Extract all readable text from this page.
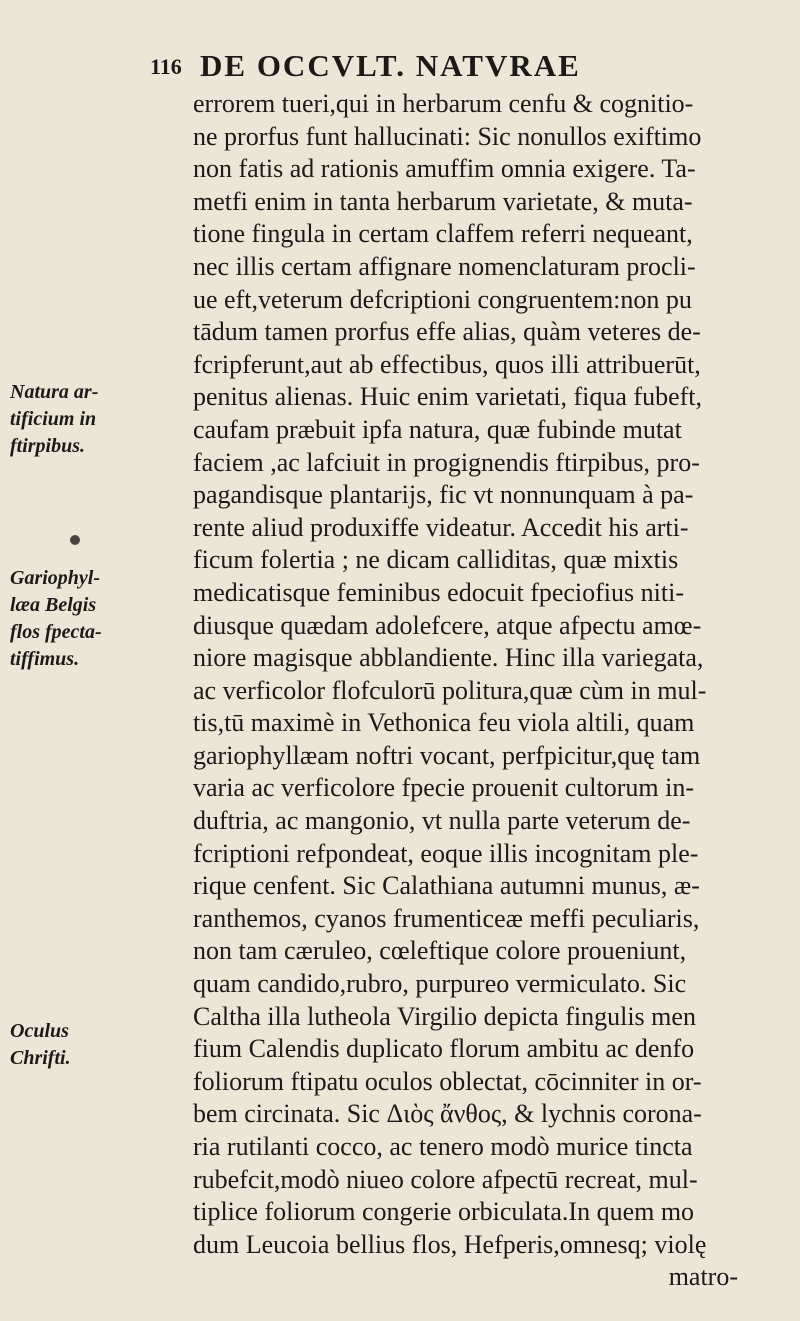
116 DE OCCVLT. NATVRAE
Natura ar-
tificium in
ftirpibus.
Gariophyl-
læa Belgis
flos fpecta-
tiffimus.
Oculus
Chrifti.
errorem tueri,qui in herbarum cenfu & cognitio-
ne prorfus funt hallucinati: Sic nonullos exiftimo
non fatis ad rationis amuffim omnia exigere. Ta-
metfi enim in tanta herbarum varietate, & muta-
tione fingula in certam claffem referri nequeant,
nec illis certam affignare nomenclaturam procli-
ue eft,veterum defcriptioni congruentem:non pu
tādum tamen prorfus effe alias, quàm veteres de-
fcripferunt,aut ab effectibus, quos illi attribuerūt,
penitus alienas. Huic enim varietati, fiqua fubeft,
caufam præbuit ipfa natura, quæ fubinde mutat
faciem ,ac lafciuit in progignendis ftirpibus, pro-
pagandisque plantarijs, fic vt nonnunquam à pa-
rente aliud produxiffe videatur. Accedit his arti-
ficum folertia ; ne dicam calliditas, quæ mixtis
medicatisque feminibus edocuit fpeciofius niti-
diusque quædam adolefcere, atque afpectu amœ-
niore magisque abblandiente. Hinc illa variegata,
ac verficolor flofculorū politura,quæ cùm in mul-
tis,tū maximè in Vethonica feu viola altili, quam
gariophyllæam noftri vocant, perfpicitur,quę tam
varia ac verficolore fpecie prouenit cultorum in-
duftria, ac mangonio, vt nulla parte veterum de-
fcriptioni refpondeat, eoque illis incognitam ple-
rique cenfent. Sic Calathiana autumni munus, æ-
ranthemos, cyanos frumenticeæ meffi peculiaris,
non tam cæruleo, cœleftique colore proueniunt,
quam candido,rubro, purpureo vermiculato. Sic
Caltha illa lutheola Virgilio depicta fingulis men
fium Calendis duplicato florum ambitu ac denfo
foliorum ftipatu oculos oblectat, cōcinniter in or-
bem circinata. Sic Διὸς ἄνθος, & lychnis corona-
ria rutilanti cocco, ac tenero modò murice tincta
rubefcit,modò niueo colore afpectū recreat, mul-
tiplice foliorum congerie orbiculata.In quem mo
dum Leucoia bellius flos, Hefperis,omnesq; violę
matro-
